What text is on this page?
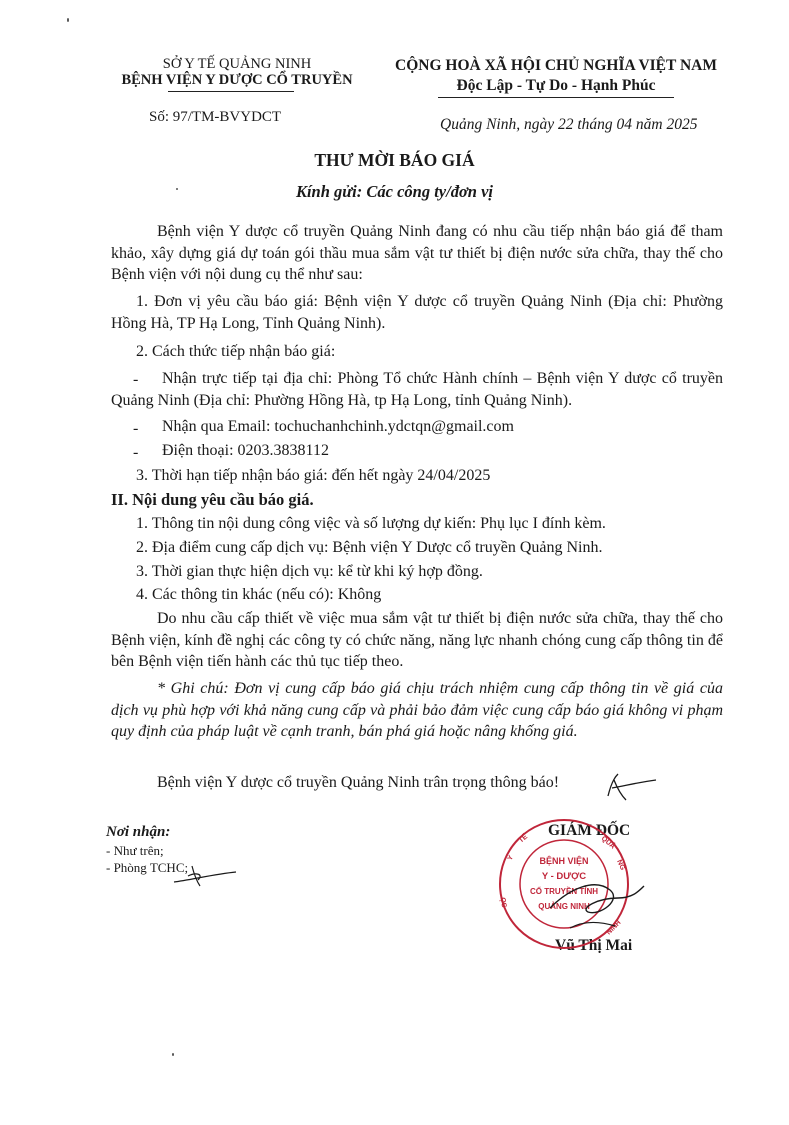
SỞ Y TẾ QUẢNG NINH
BỆNH VIỆN Y DƯỢC CỔ TRUYỀN
CỘNG HOÀ XÃ HỘI CHỦ NGHĨA VIỆT NAM
Độc Lập - Tự Do - Hạnh Phúc
Số: 97/TM-BVYDCT	Quảng Ninh, ngày 22 tháng 04 năm 2025
THƯ MỜI BÁO GIÁ
Kính gửi: Các công ty/đơn vị
Bệnh viện Y dược cổ truyền Quảng Ninh đang có nhu cầu tiếp nhận báo giá để tham khảo, xây dựng giá dự toán gói thầu mua sắm vật tư thiết bị điện nước sửa chữa, thay thế cho Bệnh viện với nội dung cụ thể như sau:
1. Đơn vị yêu cầu báo giá: Bệnh viện Y dược cổ truyền Quảng Ninh (Địa chỉ: Phường Hồng Hà, TP Hạ Long, Tỉnh Quảng Ninh).
2. Cách thức tiếp nhận báo giá:
-	Nhận trực tiếp tại địa chỉ: Phòng Tổ chức Hành chính – Bệnh viện Y dược cổ truyền Quảng Ninh (Địa chỉ: Phường Hồng Hà, tp Hạ Long, tỉnh Quảng Ninh).
- Nhận qua Email: tochuchanhchinh.ydctqn@gmail.com
- Điện thoại: 0203.3838112
3. Thời hạn tiếp nhận báo giá: đến hết ngày 24/04/2025
II. Nội dung yêu cầu báo giá.
1. Thông tin nội dung công việc và số lượng dự kiến: Phụ lục I đính kèm.
2. Địa điểm cung cấp dịch vụ: Bệnh viện Y Dược cổ truyền Quảng Ninh.
3. Thời gian thực hiện dịch vụ: kể từ khi ký hợp đồng.
4. Các thông tin khác (nếu có): Không
Do nhu cầu cấp thiết về việc mua sắm vật tư thiết bị điện nước sửa chữa, thay thế cho Bệnh viện, kính đề nghị các công ty có chức năng, năng lực nhanh chóng cung cấp thông tin để bên Bệnh viện tiến hành các thủ tục tiếp theo.
* Ghi chú: Đơn vị cung cấp báo giá chịu trách nhiệm cung cấp thông tin về giá của dịch vụ phù hợp với khả năng cung cấp và phải bảo đảm việc cung cấp báo giá không vi phạm quy định của pháp luật về cạnh tranh, bán phá giá hoặc nâng khống giá.
Bệnh viện Y dược cổ truyền Quảng Ninh trân trọng thông báo!
Nơi nhận:
- Như trên;
- Phòng TCHC;
GIÁM ĐỐC
Vũ Thị Mai
BỆNH VIỆN
Y - DƯỢC
CỔ TRUYỀN TỈNH
QUẢNG NINH
Y
TẾ	QUẢ
NG
NINH
SỞ
